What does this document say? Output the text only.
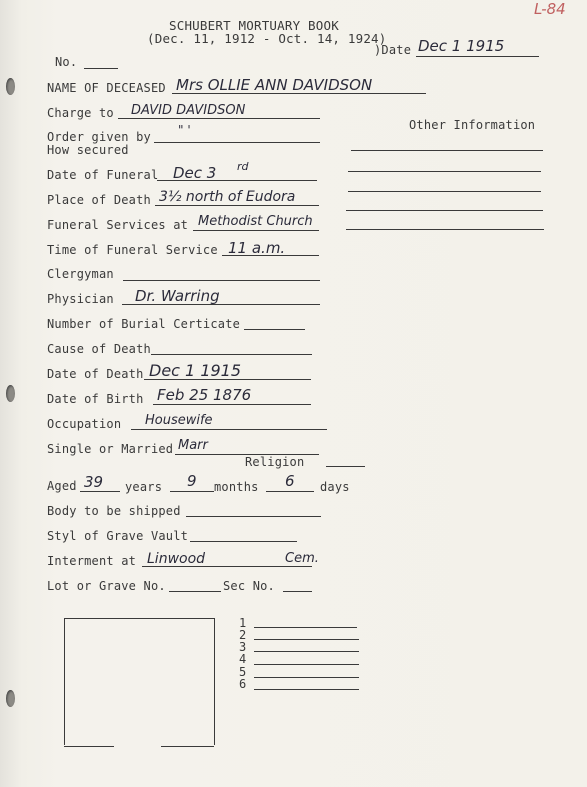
L-84
SCHUBERT MORTUARY BOOK
(Dec. 11, 1912 - Oct. 14, 1924)
)Date Dec 1 1915
No.
NAME OF DECEASED Mrs OLLIE ANN DAVIDSON
Charge to DAVID DAVIDSON
Order given by
How secured
" '	Other Information
Date of Funeral Dec 3 rd
Place of Death 3½ north of Eudora
Funeral Services at Methodist Church
Time of Funeral Service 11 a.m.
Clergyman
Physician Dr. Warring
Number of Burial Certicate
Cause of Death
Date of Death Dec 1 1915
Date of Birth Feb 25 1876
Occupation Housewife
Single or Married Marr
Religion
Aged 39 years 9 months 6 days
Body to be shipped
Styl of Grave Vault
Interment at Linwood	Cem.
Lot or Grave No.	Sec No.
1
2
3
4
5
6
